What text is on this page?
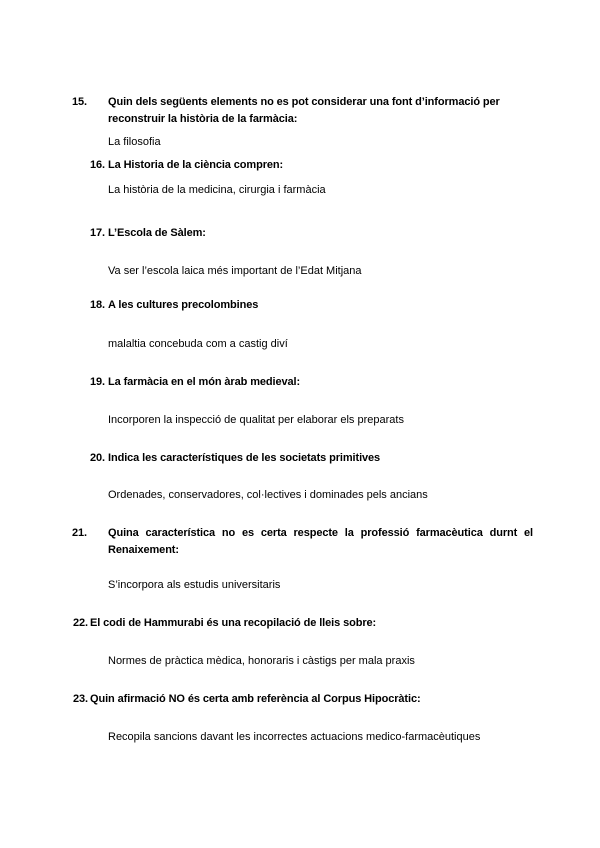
15. Quin dels següents elements no es pot considerar una font d’informació per reconstruir la història de la farmàcia:
La filosofia
16. La Historia de la ciència compren:
La història de la medicina, cirurgia i farmàcia
17. L’Escola de Sàlem:
Va ser l’escola laica més important de l’Edat Mitjana
18. A les cultures precolombines
malaltia concebuda com a castig diví
19. La farmàcia en el món àrab medieval:
Incorporen la inspecció de qualitat per elaborar els preparats
20. Indica les característiques de les societats primitives
Ordenades, conservadores, col·lectives i dominades pels ancians
21. Quina característica no es certa respecte la professió farmacèutica durnt el Renaixement:
S’incorpora als estudis universitaris
22. El codi de Hammurabi és una recopilació de lleis sobre:
Normes de pràctica mèdica, honoraris i càstigs per mala praxis
23. Quin afirmació NO és certa amb referència al Corpus Hipocràtic:
Recopila sancions davant les incorrectes actuacions medico-farmacèutiques
